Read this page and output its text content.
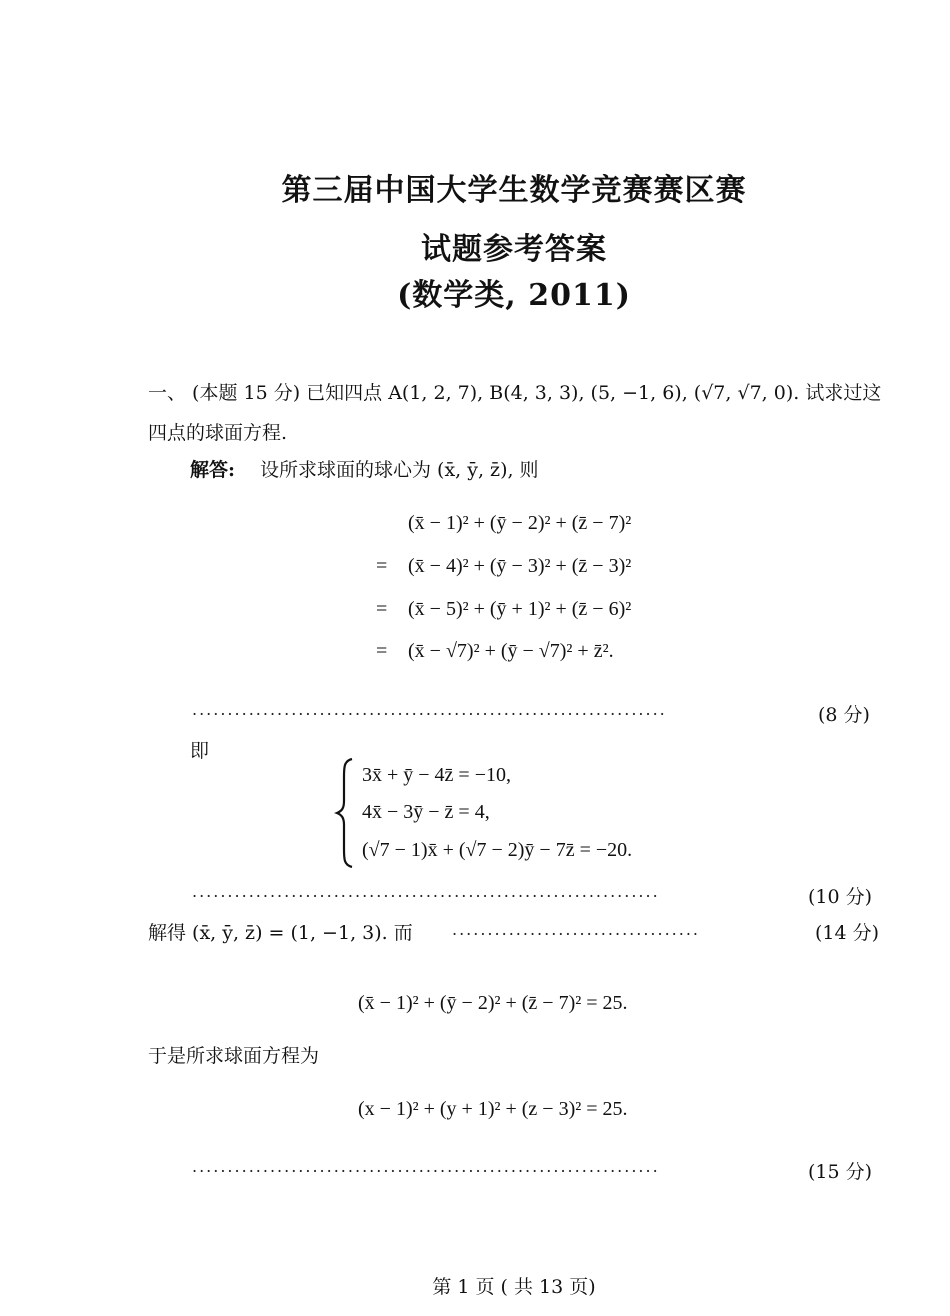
第三届中国大学生数学竞赛赛区赛
试题参考答案
(数学类, 2011)
一、 (本题 15 分) 已知四点 A(1, 2, 7), B(4, 3, 3), (5, −1, 6), (√7, √7, 0). 试求过这
四点的球面方程.
解答: 设所求球面的球心为 (x̄, ȳ, z̄), 则
(x̄ − 1)² + (ȳ − 2)² + (z̄ − 7)²
= (x̄ − 4)² + (ȳ − 3)² + (z̄ − 3)²
= (x̄ − 5)² + (ȳ + 1)² + (z̄ − 6)²
= (x̄ − √7)² + (ȳ − √7)² + z̄².
...................................................................	(8 分)
即
3x̄ + ȳ − 4z̄ = −10,
4x̄ − 3ȳ − z̄ = 4,
(√7 − 1)x̄ + (√7 − 2)ȳ − 7z̄ = −20.
..................................................................	(10 分)
解得 (x̄, ȳ, z̄) = (1, −1, 3). 而 ...................................	(14 分)
(x̄ − 1)² + (ȳ − 2)² + (z̄ − 7)² = 25.
于是所求球面方程为
(x − 1)² + (y + 1)² + (z − 3)² = 25.
..................................................................	(15 分)
第 1 页 ( 共 13 页)
